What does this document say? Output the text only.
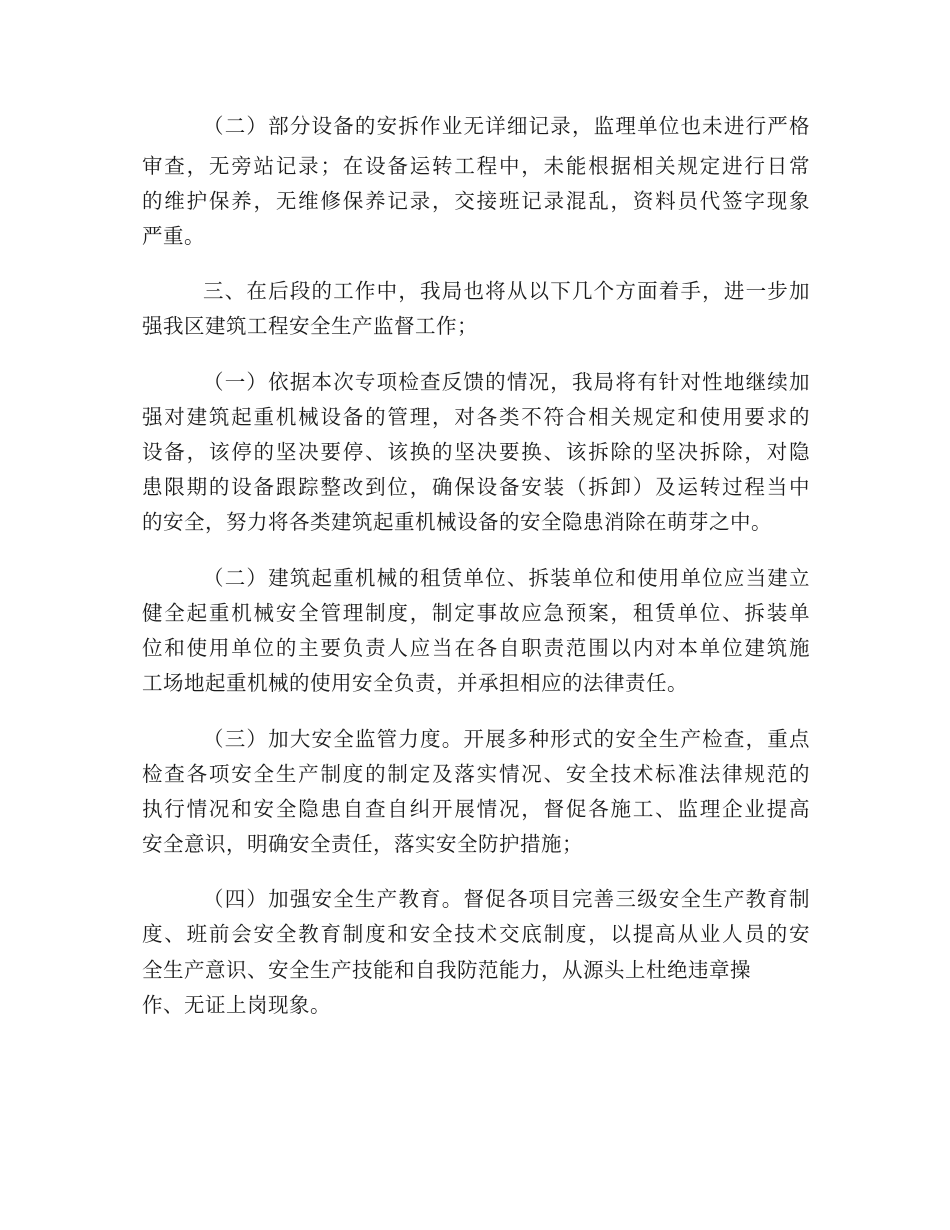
（二）部分设备的安拆作业无详细记录，监理单位也未进行严格
审查，无旁站记录；在设备运转工程中，未能根据相关规定进行日常
的维护保养，无维修保养记录，交接班记录混乱，资料员代签字现象
严重。
三、在后段的工作中，我局也将从以下几个方面着手，进一步加
强我区建筑工程安全生产监督工作；
（一）依据本次专项检查反馈的情况，我局将有针对性地继续加
强对建筑起重机械设备的管理，对各类不符合相关规定和使用要求的
设备，该停的坚决要停、该换的坚决要换、该拆除的坚决拆除，对隐
患限期的设备跟踪整改到位，确保设备安装（拆卸）及运转过程当中
的安全，努力将各类建筑起重机械设备的安全隐患消除在萌芽之中。
（二）建筑起重机械的租赁单位、拆装单位和使用单位应当建立
健全起重机械安全管理制度，制定事故应急预案，租赁单位、拆装单
位和使用单位的主要负责人应当在各自职责范围以内对本单位建筑施
工场地起重机械的使用安全负责，并承担相应的法律责任。
（三）加大安全监管力度。开展多种形式的安全生产检查，重点
检查各项安全生产制度的制定及落实情况、安全技术标准法律规范的
执行情况和安全隐患自查自纠开展情况，督促各施工、监理企业提高
安全意识，明确安全责任，落实安全防护措施；
（四）加强安全生产教育。督促各项目完善三级安全生产教育制
度、班前会安全教育制度和安全技术交底制度，以提高从业人员的安
全生产意识、安全生产技能和自我防范能力，从源头上杜绝违章操
作、无证上岗现象。
